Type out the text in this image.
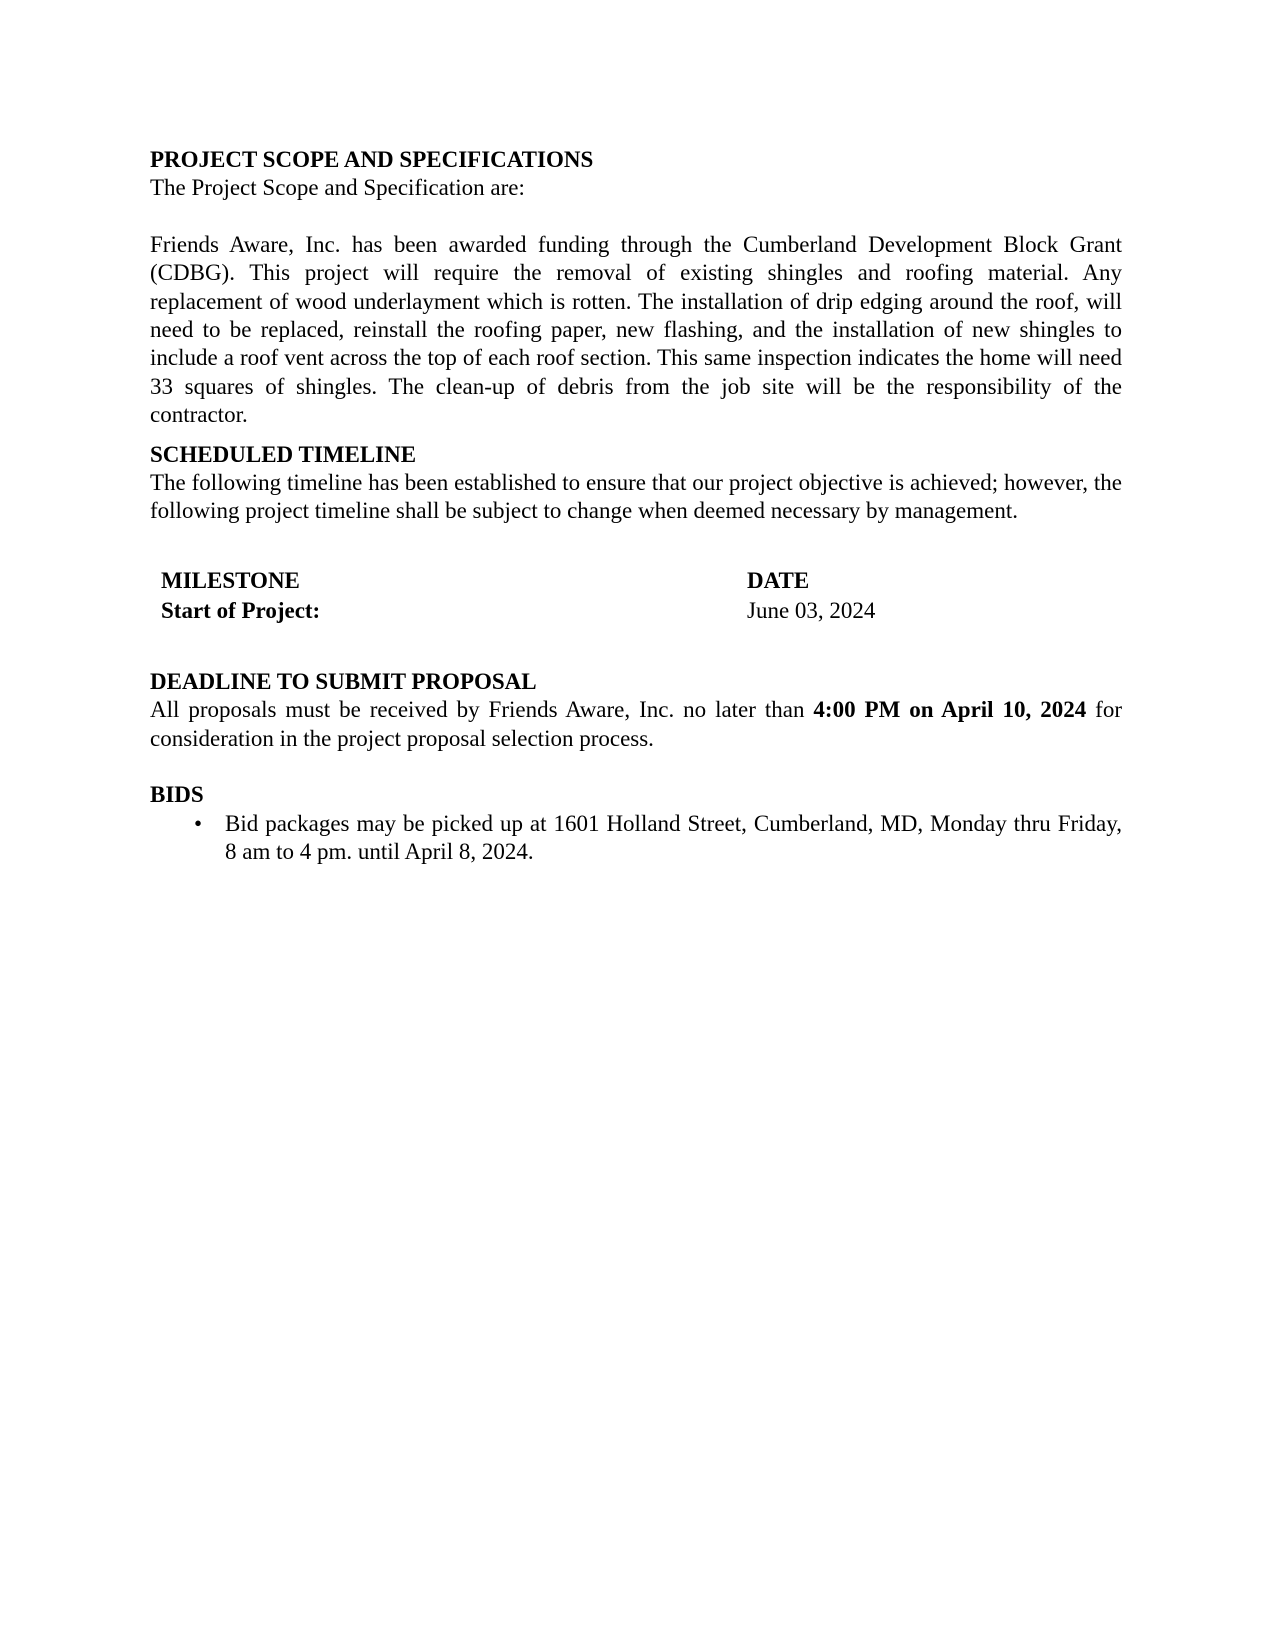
PROJECT SCOPE AND SPECIFICATIONS

The Project Scope and Specification are:

Friends Aware, Inc. has been awarded funding through the Cumberland Development Block Grant (CDBG). This project will require the removal of existing shingles and roofing material. Any replacement of wood underlayment which is rotten. The installation of drip edging around the roof, will need to be replaced, reinstall the roofing paper, new flashing, and the installation of new shingles to include a roof vent across the top of each roof section. This same inspection indicates the home will need 33 squares of shingles. The clean-up of debris from the job site will be the responsibility of the contractor.

SCHEDULED TIMELINE

The following timeline has been established to ensure that our project objective is achieved; however, the following project timeline shall be subject to change when deemed necessary by management.

MILESTONE	DATE
Start of Project:	June 03, 2024

DEADLINE TO SUBMIT PROPOSAL

All proposals must be received by Friends Aware, Inc. no later than 4:00 PM on April 10, 2024 for consideration in the project proposal selection process.

BIDS

• Bid packages may be picked up at 1601 Holland Street, Cumberland, MD, Monday thru Friday, 8 am to 4 pm. until April 8, 2024.
